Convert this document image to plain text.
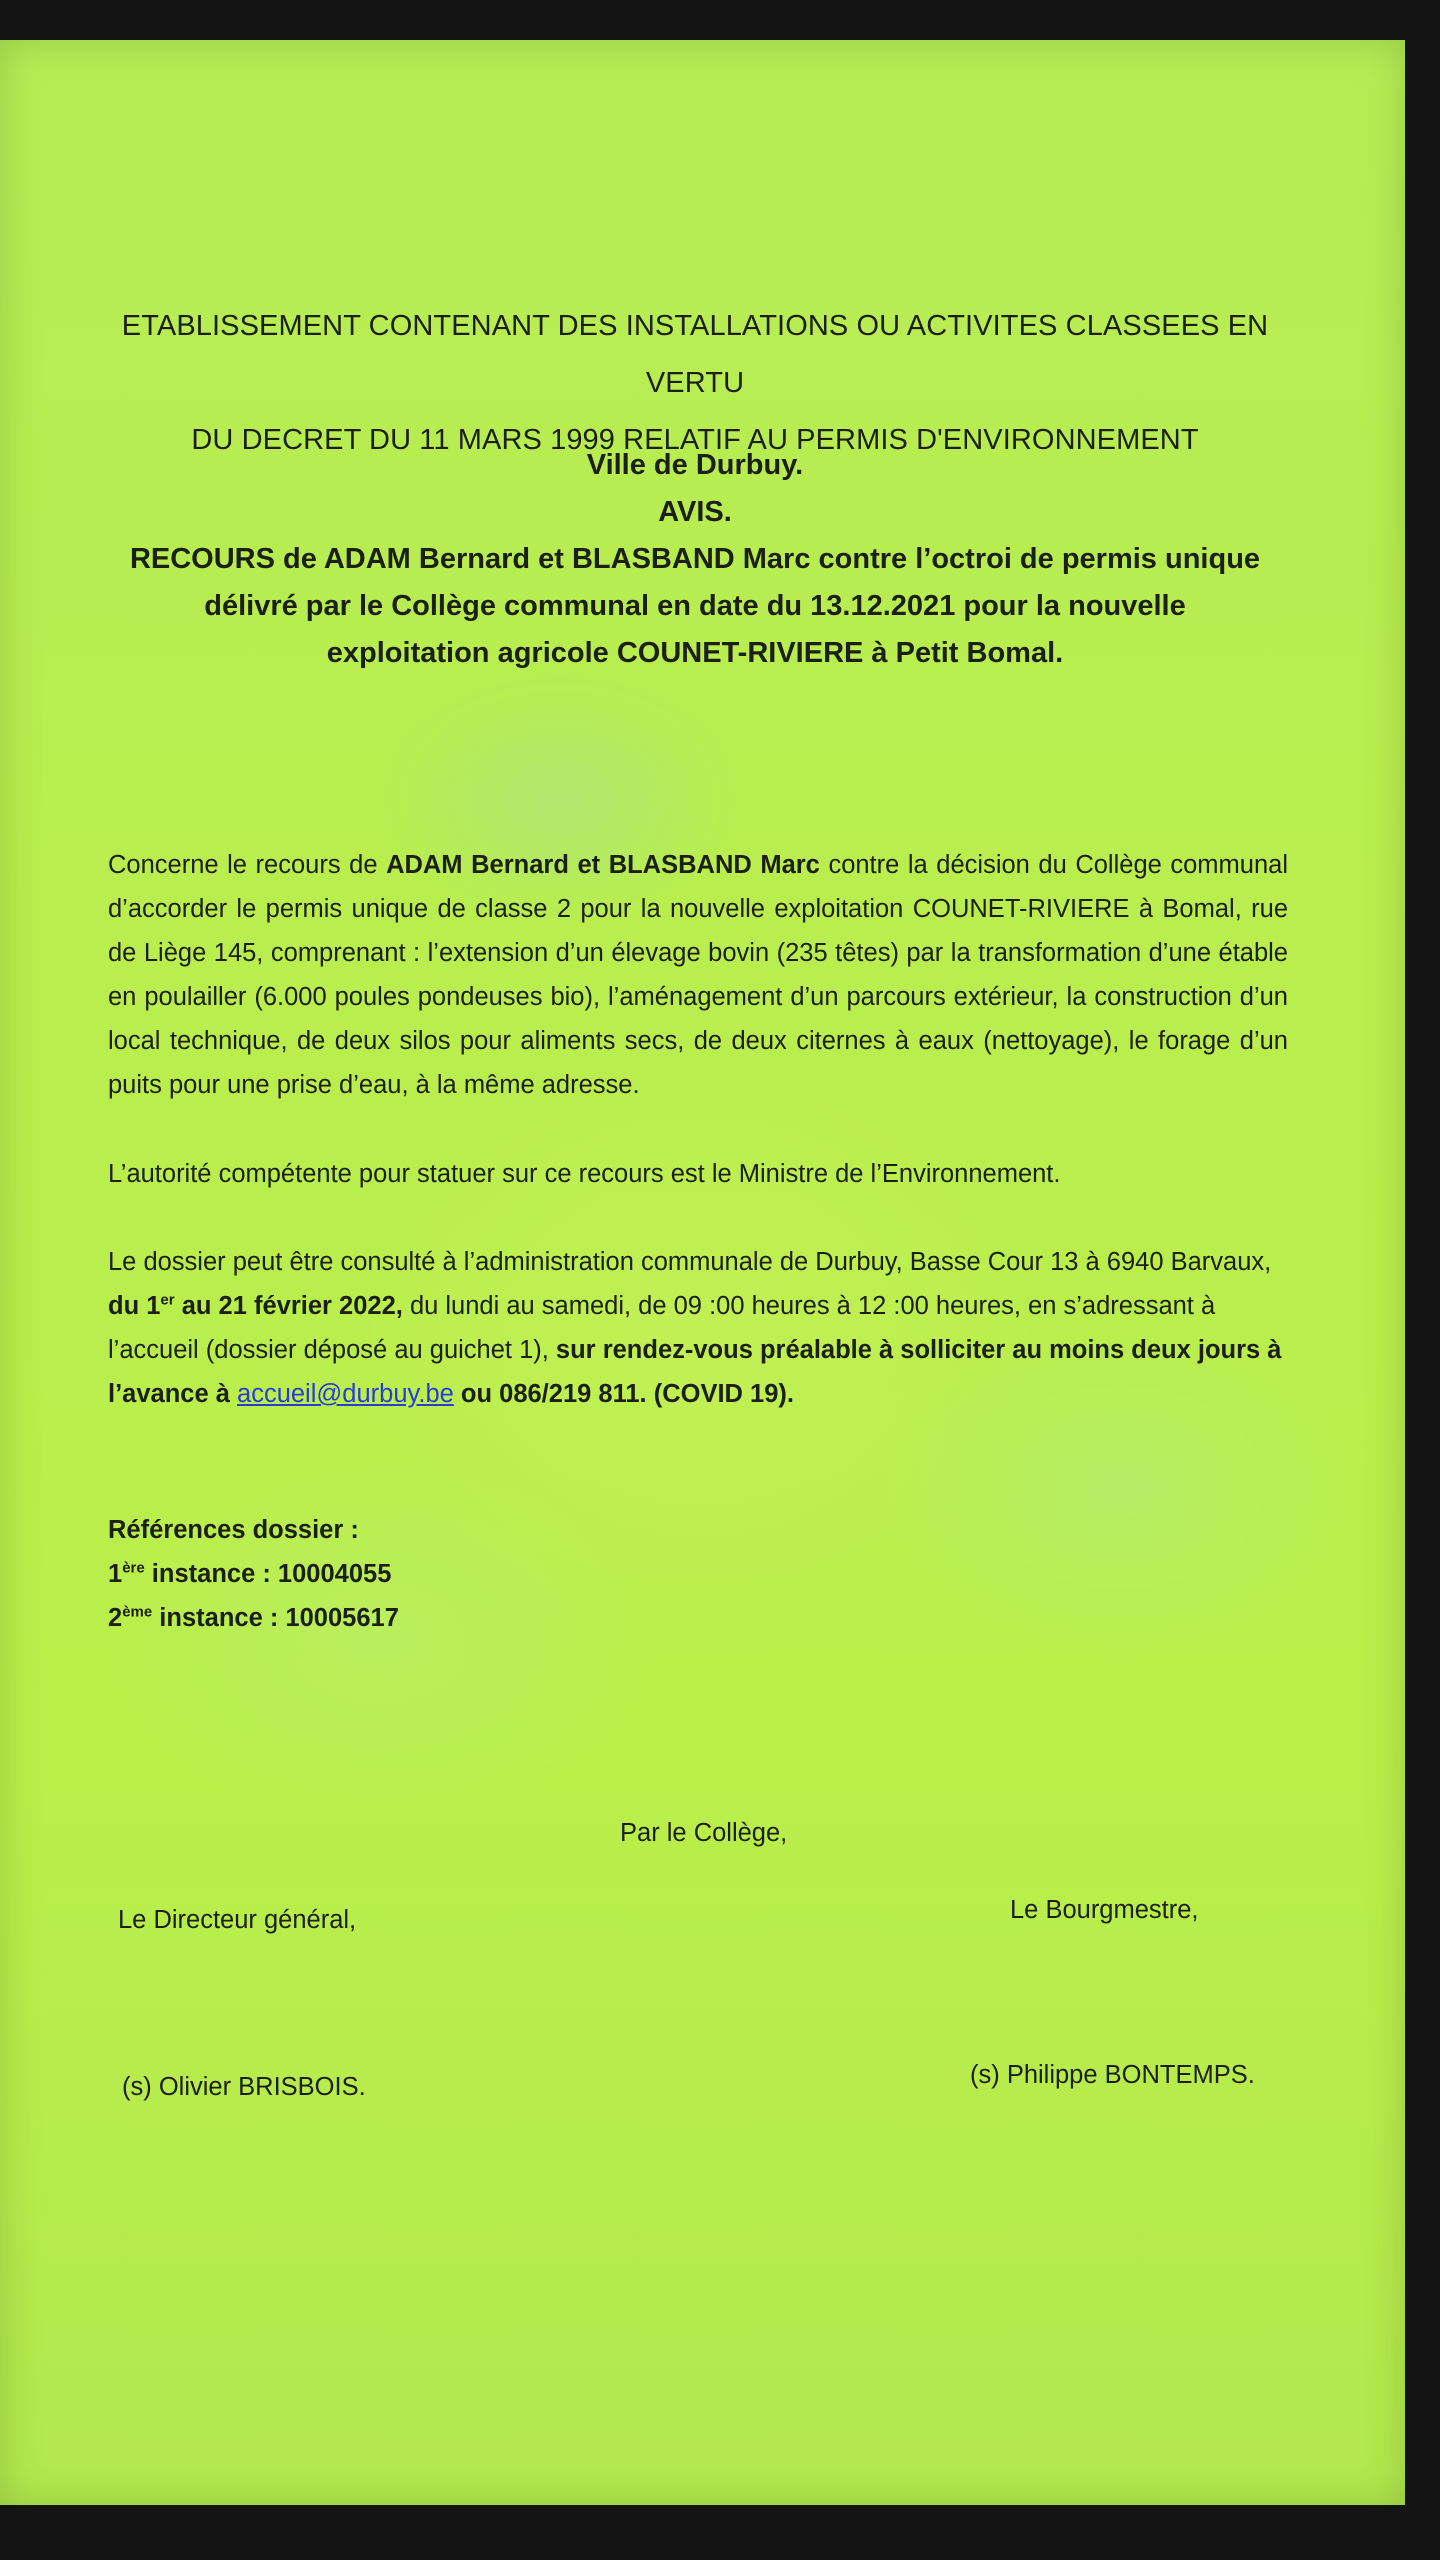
ETABLISSEMENT CONTENANT DES INSTALLATIONS OU ACTIVITES CLASSEES EN VERTU
DU DECRET DU 11 MARS 1999 RELATIF AU PERMIS D'ENVIRONNEMENT
Ville de Durbuy.
AVIS.
RECOURS de ADAM Bernard et BLASBAND Marc contre l’octroi de permis unique
délivré par le Collège communal en date du 13.12.2021 pour la nouvelle
exploitation agricole COUNET-RIVIERE à Petit Bomal.
Concerne le recours de ADAM Bernard et BLASBAND Marc contre la décision du Collège communal d’accorder le permis unique de classe 2 pour la nouvelle exploitation COUNET-RIVIERE à Bomal, rue de Liège 145, comprenant : l’extension d’un élevage bovin (235 têtes) par la transformation d’une étable en poulailler (6.000 poules pondeuses bio), l’aménagement d’un parcours extérieur, la construction d’un local technique, de deux silos pour aliments secs, de deux citernes à eaux (nettoyage), le forage d’un puits pour une prise d’eau, à la même adresse.
L’autorité compétente pour statuer sur ce recours est le Ministre de l’Environnement.
Le dossier peut être consulté à l’administration communale de Durbuy, Basse Cour 13 à 6940 Barvaux, du 1er au 21 février 2022, du lundi au samedi, de 09 :00 heures à 12 :00 heures, en s’adressant à l’accueil (dossier déposé au guichet 1), sur rendez-vous préalable à solliciter au moins deux jours à l’avance à accueil@durbuy.be ou 086/219 811. (COVID 19).
Références dossier :
1ère instance : 10004055
2ème instance : 10005617
Par le Collège,
Le Directeur général,	Le Bourgmestre,
(s) Olivier BRISBOIS.	(s) Philippe BONTEMPS.
